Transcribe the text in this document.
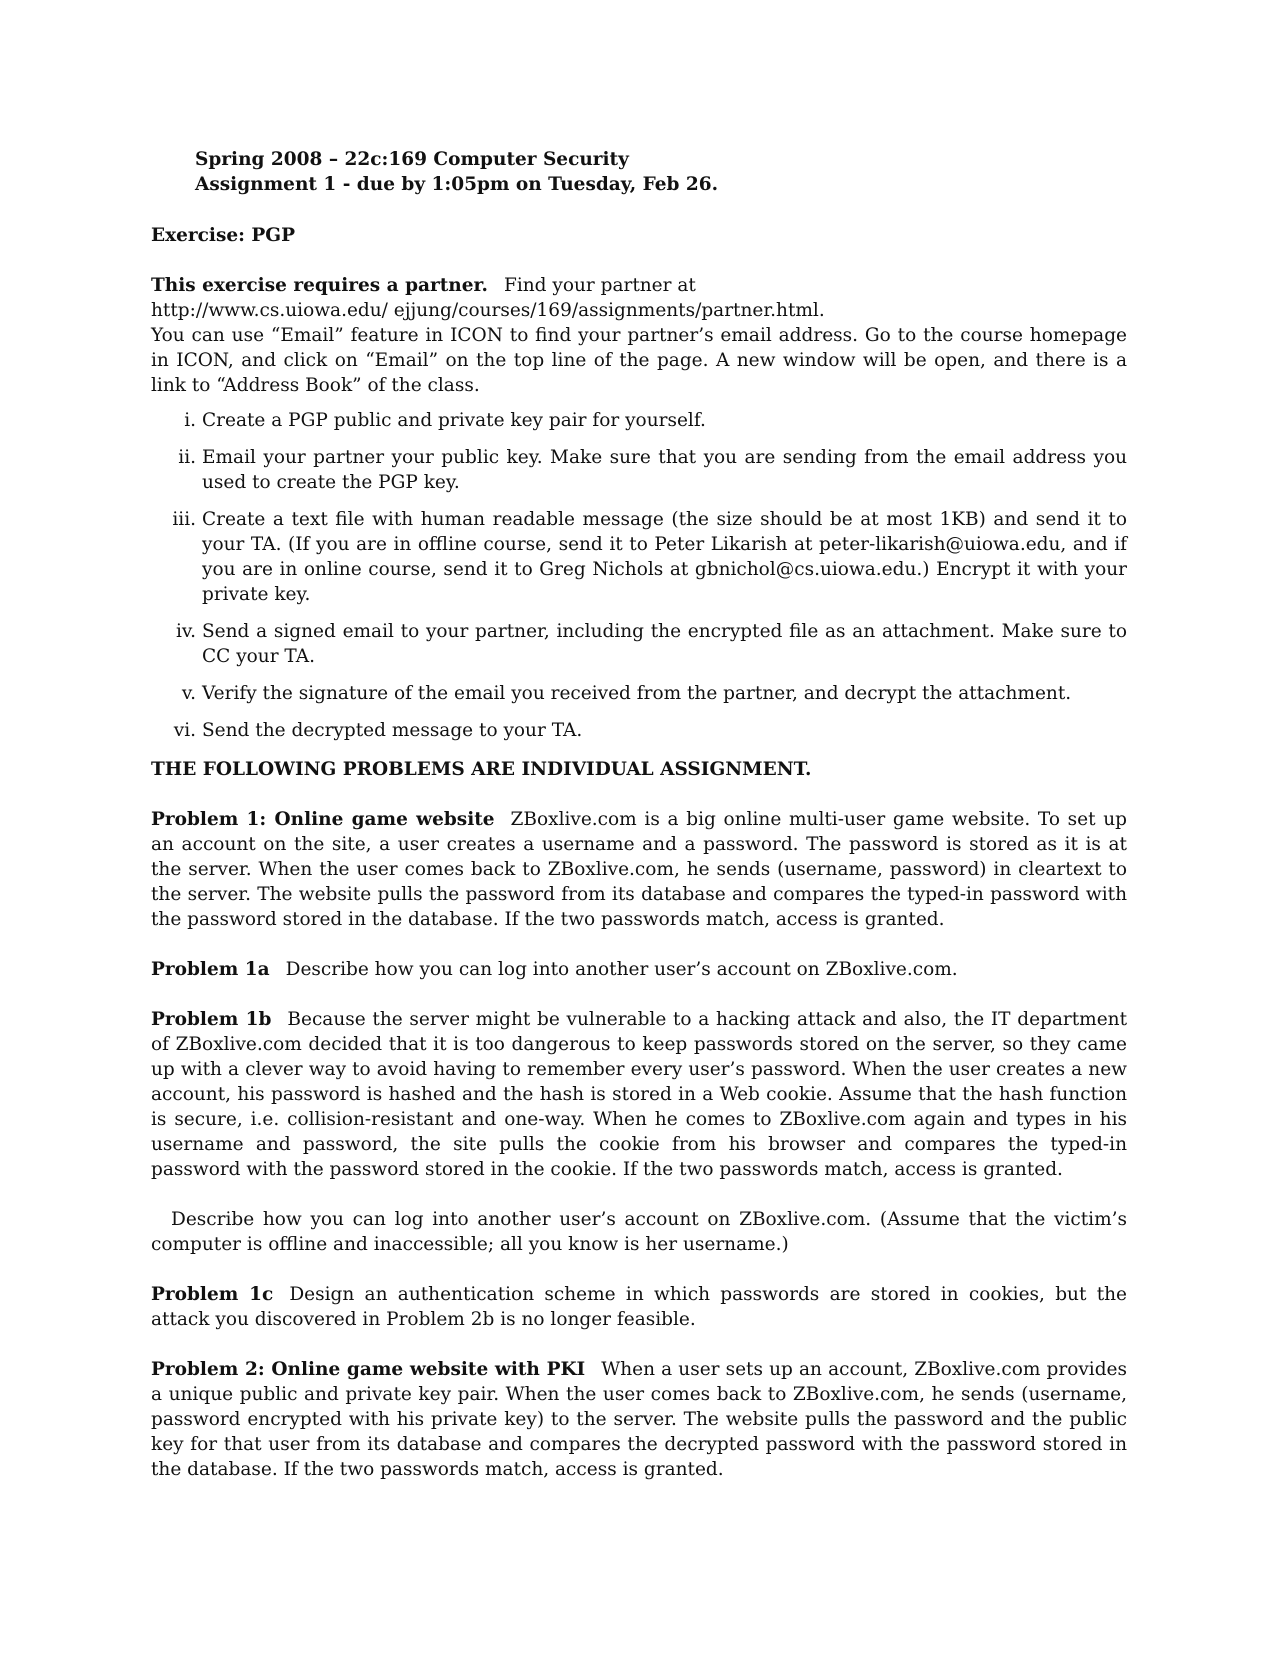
Spring 2008 – 22c:169 Computer Security
Assignment 1 - due by 1:05pm on Tuesday, Feb 26.

Exercise: PGP

This exercise requires a partner. Find your partner at

http://www.cs.uiowa.edu/ ejjung/courses/169/assignments/partner.html.

You can use “Email” feature in ICON to find your partner’s email address. Go to the course homepage in ICON, and click on “Email” on the top line of the page. A new window will be open, and there is a link to “Address Book” of the class.

i. Create a PGP public and private key pair for yourself.
ii. Email your partner your public key. Make sure that you are sending from the email address you used to create the PGP key.
iii. Create a text file with human readable message (the size should be at most 1KB) and send it to your TA. (If you are in offline course, send it to Peter Likarish at peter-likarish@uiowa.edu, and if you are in online course, send it to Greg Nichols at gbnichol@cs.uiowa.edu.) Encrypt it with your private key.
iv. Send a signed email to your partner, including the encrypted file as an attachment. Make sure to CC your TA.
v. Verify the signature of the email you received from the partner, and decrypt the attachment.
vi. Send the decrypted message to your TA.

THE FOLLOWING PROBLEMS ARE INDIVIDUAL ASSIGNMENT.

Problem 1: Online game website ZBoxlive.com is a big online multi-user game website. To set up an account on the site, a user creates a username and a password. The password is stored as it is at the server. When the user comes back to ZBoxlive.com, he sends (username, password) in cleartext to the server. The website pulls the password from its database and compares the typed-in password with the password stored in the database. If the two passwords match, access is granted.

Problem 1a Describe how you can log into another user’s account on ZBoxlive.com.

Problem 1b Because the server might be vulnerable to a hacking attack and also, the IT department of ZBoxlive.com decided that it is too dangerous to keep passwords stored on the server, so they came up with a clever way to avoid having to remember every user’s password. When the user creates a new account, his password is hashed and the hash is stored in a Web cookie. Assume that the hash function is secure, i.e. collision-resistant and one-way. When he comes to ZBoxlive.com again and types in his username and password, the site pulls the cookie from his browser and compares the typed-in password with the password stored in the cookie. If the two passwords match, access is granted.

Describe how you can log into another user’s account on ZBoxlive.com. (Assume that the victim’s computer is offline and inaccessible; all you know is her username.)

Problem 1c Design an authentication scheme in which passwords are stored in cookies, but the attack you discovered in Problem 2b is no longer feasible.

Problem 2: Online game website with PKI When a user sets up an account, ZBoxlive.com provides a unique public and private key pair. When the user comes back to ZBoxlive.com, he sends (username, password encrypted with his private key) to the server. The website pulls the password and the public key for that user from its database and compares the decrypted password with the password stored in the database. If the two passwords match, access is granted.
